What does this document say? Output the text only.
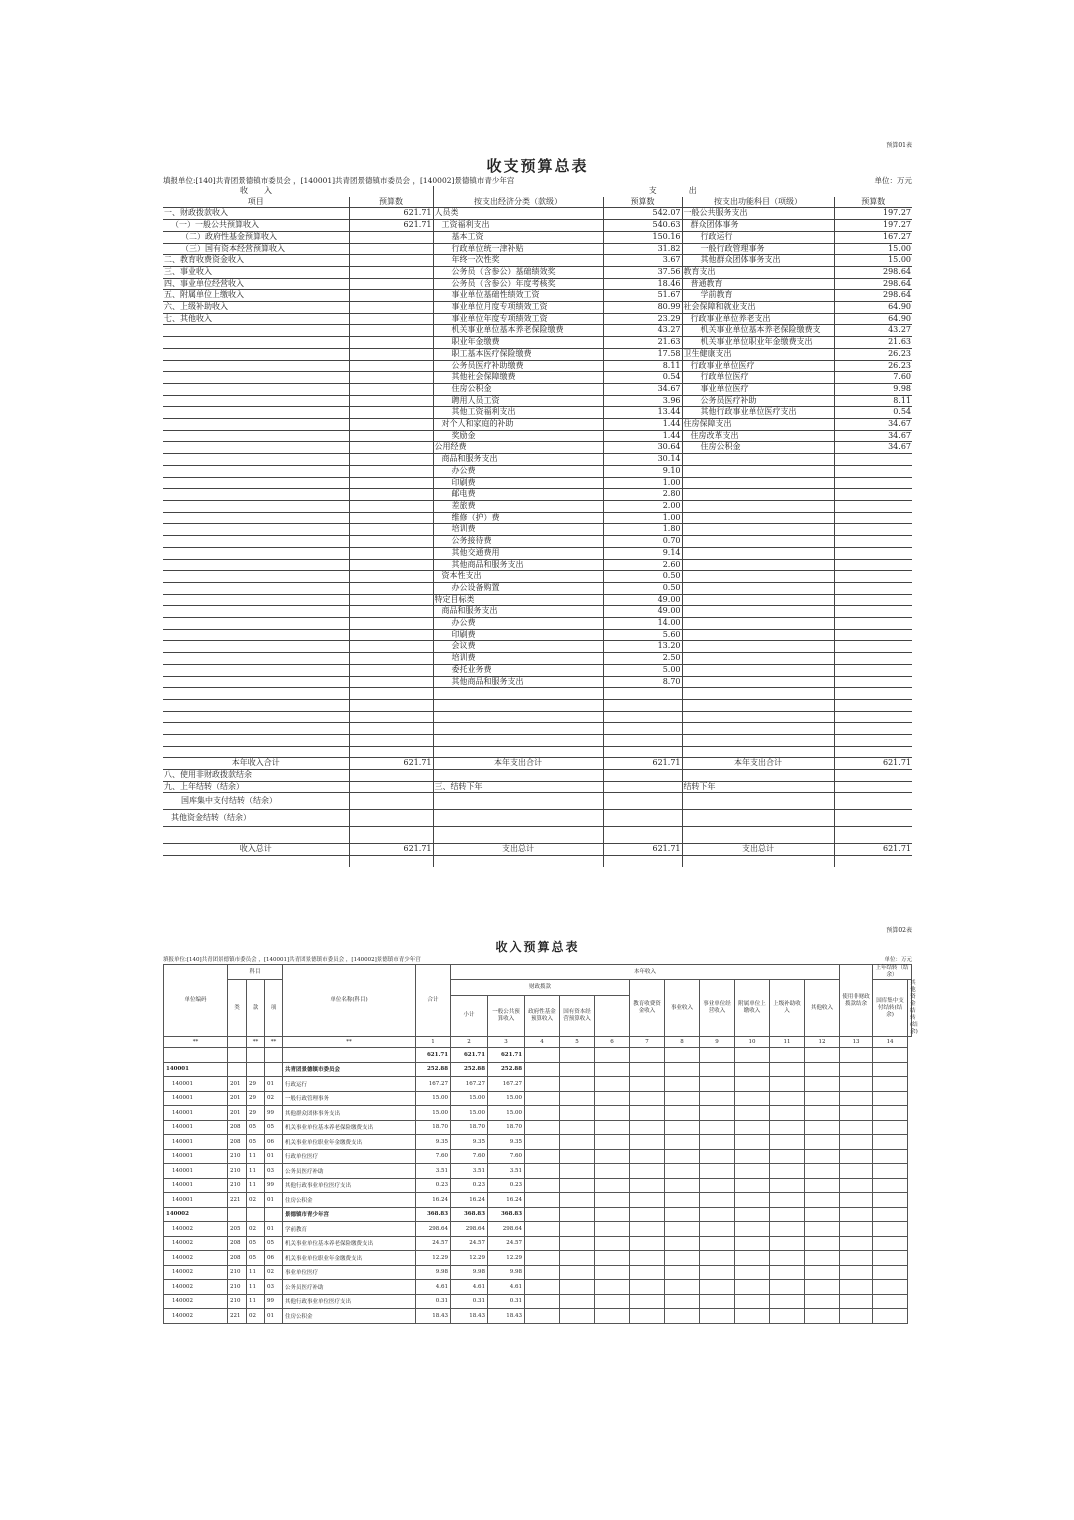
预算01表
收支预算总表
填报单位:[140]共青团景德镇市委员会 ，[140001]共青团景德镇市委员会 ，[140002]景德镇市青少年宫	单位：万元
收　　入		支　　　　出			
项目	预算数	按支出经济分类（款级）	预算数	按支出功能科目（项级）	预算数
一、财政拨款收入	621.71	人员类	542.07	一般公共服务支出	197.27
（一）一般公共预算收入	621.71	工资福利支出	540.63	群众团体事务	197.27
（二）政府性基金预算收入		基本工资	150.16	行政运行	167.27
（三）国有资本经营预算收入		行政单位统一津补贴	31.82	一般行政管理事务	15.00
二、教育收费资金收入		年终一次性奖	3.67	其他群众团体事务支出	15.00
三、事业收入		公务员（含参公）基础绩效奖	37.56	教育支出	298.64
四、事业单位经营收入		公务员（含参公）年度考核奖	18.46	普通教育	298.64
五、附属单位上缴收入		事业单位基础性绩效工资	51.67	学前教育	298.64
六、上级补助收入		事业单位月度专项绩效工资	80.99	社会保障和就业支出	64.90
七、其他收入		事业单位年度专项绩效工资	23.29	行政事业单位养老支出	64.90
		机关事业单位基本养老保险缴费	43.27	机关事业单位基本养老保险缴费支	43.27
		职业年金缴费	21.63	机关事业单位职业年金缴费支出	21.63
		职工基本医疗保险缴费	17.58	卫生健康支出	26.23
		公务员医疗补助缴费	8.11	行政事业单位医疗	26.23
		其他社会保障缴费	0.54	行政单位医疗	7.60
		住房公积金	34.67	事业单位医疗	9.98
		聘用人员工资	3.96	公务员医疗补助	8.11
		其他工资福利支出	13.44	其他行政事业单位医疗支出	0.54
		对个人和家庭的补助	1.44	住房保障支出	34.67
		奖励金	1.44	住房改革支出	34.67
		公用经费	30.64	住房公积金	34.67
		商品和服务支出	30.14		
		办公费	9.10		
		印刷费	1.00		
		邮电费	2.80		
		差旅费	2.00		
		维修（护）费	1.00		
		培训费	1.80		
		公务接待费	0.70		
		其他交通费用	9.14		
		其他商品和服务支出	2.60		
		资本性支出	0.50		
		办公设备购置	0.50		
		特定目标类	49.00		
		商品和服务支出	49.00		
		办公费	14.00		
		印刷费	5.60		
		会议费	13.20		
		培训费	2.50		
		委托业务费	5.00		
		其他商品和服务支出	8.70		

本年收入合计	621.71	本年支出合计	621.71	本年支出合计	621.71
八、使用非财政拨款结余					
九、上年结转（结余）		三、结转下年		结转下年	
国库集中支付结转（结余）					
其他资金结转（结余）					

收入总计	621.71	支出总计	621.71	支出总计	621.71

预算02表
收入预算总表
填报单位:[140]共青团景德镇市委员会 ，[140001]共青团景德镇市委员会 ，[140002]景德镇市青少年宫	单位：万元
单位编码	科目			单位名称(科目)	合计	本年收入											使用非财政拨款结余	上年结转（结余）	
	类	款	项			财政拨款					教育收费资金收入	事业收入	事业单位经营收入	附属单位上缴收入	上级补助收入	其他收入		国库集中支付结转(结余)	其他资金结转(结余)
						小计	一般公共预算收入	政府性基金预算收入	国有资本经营预算收入										
**		**	**	**	1	2	3	4	5	6	7	8	9	10	11	12	13	14	
					621.71	621.71	621.71												
140001				共青团景德镇市委员会	252.88	252.88	252.88												
140001	201	29	01	行政运行	167.27	167.27	167.27												
140001	201	29	02	一般行政管理事务	15.00	15.00	15.00												
140001	201	29	99	其他群众团体事务支出	15.00	15.00	15.00												
140001	208	05	05	机关事业单位基本养老保险缴费支出	18.70	18.70	18.70												
140001	208	05	06	机关事业单位职业年金缴费支出	9.35	9.35	9.35												
140001	210	11	01	行政单位医疗	7.60	7.60	7.60												
140001	210	11	03	公务员医疗补助	3.51	3.51	3.51												
140001	210	11	99	其他行政事业单位医疗支出	0.23	0.23	0.23												
140001	221	02	01	住房公积金	16.24	16.24	16.24												
140002				景德镇市青少年宫	368.83	368.83	368.83												
140002	205	02	01	学前教育	298.64	298.64	298.64												
140002	208	05	05	机关事业单位基本养老保险缴费支出	24.57	24.57	24.57												
140002	208	05	06	机关事业单位职业年金缴费支出	12.29	12.29	12.29												
140002	210	11	02	事业单位医疗	9.98	9.98	9.98												
140002	210	11	03	公务员医疗补助	4.61	4.61	4.61												
140002	210	11	99	其他行政事业单位医疗支出	0.31	0.31	0.31												
140002	221	02	01	住房公积金	18.43	18.43	18.43												
